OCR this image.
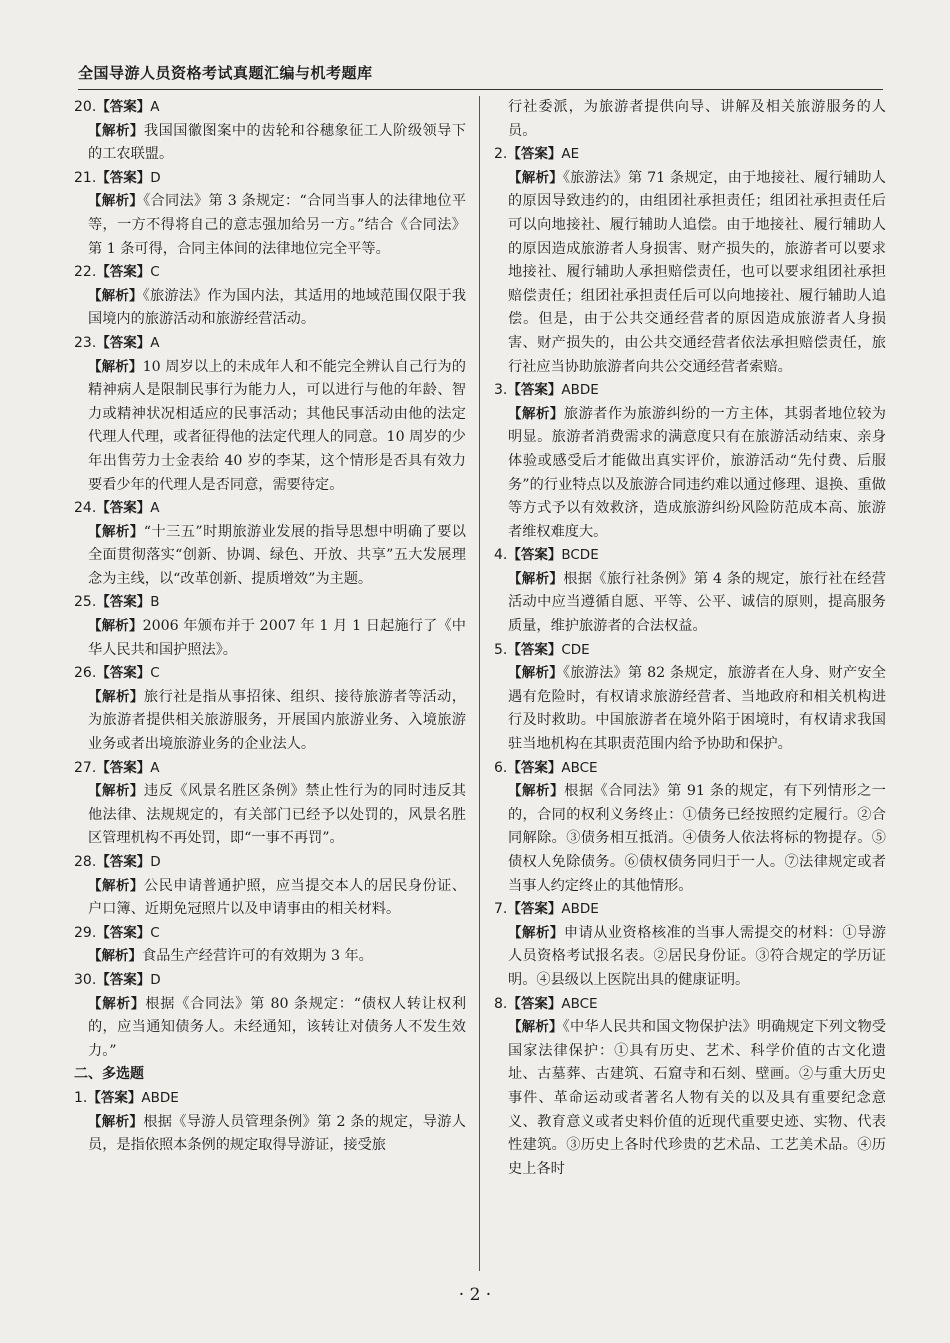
全国导游人员资格考试真题汇编与机考题库

20.【答案】A

【解析】我国国徽图案中的齿轮和谷穗象征工人阶级领导下的工农联盟。

21.【答案】D

【解析】《合同法》第 3 条规定：“合同当事人的法律地位平等，一方不得将自己的意志强加给另一方。”结合《合同法》第 1 条可得，合同主体间的法律地位完全平等。

22.【答案】C

【解析】《旅游法》作为国内法，其适用的地域范围仅限于我国境内的旅游活动和旅游经营活动。

23.【答案】A

【解析】10 周岁以上的未成年人和不能完全辨认自己行为的精神病人是限制民事行为能力人，可以进行与他的年龄、智力或精神状况相适应的民事活动；其他民事活动由他的法定代理人代理，或者征得他的法定代理人的同意。10 周岁的少年出售劳力士金表给 40 岁的李某，这个情形是否具有效力要看少年的代理人是否同意，需要待定。

24.【答案】A

【解析】“十三五”时期旅游业发展的指导思想中明确了要以全面贯彻落实“创新、协调、绿色、开放、共享”五大发展理念为主线，以“改革创新、提质增效”为主题。

25.【答案】B

【解析】2006 年颁布并于 2007 年 1 月 1 日起施行了《中华人民共和国护照法》。

26.【答案】C

【解析】旅行社是指从事招徕、组织、接待旅游者等活动，为旅游者提供相关旅游服务，开展国内旅游业务、入境旅游业务或者出境旅游业务的企业法人。

27.【答案】A

【解析】违反《风景名胜区条例》禁止性行为的同时违反其他法律、法规规定的，有关部门已经予以处罚的，风景名胜区管理机构不再处罚，即“一事不再罚”。

28.【答案】D

【解析】公民申请普通护照，应当提交本人的居民身份证、户口簿、近期免冠照片以及申请事由的相关材料。

29.【答案】C

【解析】食品生产经营许可的有效期为 3 年。

30.【答案】D

【解析】根据《合同法》第 80 条规定：“债权人转让权利的，应当通知债务人。未经通知，该转让对债务人不发生效力。”

二、多选题

1.【答案】ABDE

【解析】根据《导游人员管理条例》第 2 条的规定，导游人员，是指依照本条例的规定取得导游证，接受旅

行社委派，为旅游者提供向导、讲解及相关旅游服务的人员。

2.【答案】AE

【解析】《旅游法》第 71 条规定，由于地接社、履行辅助人的原因导致违约的，由组团社承担责任；组团社承担责任后可以向地接社、履行辅助人追偿。由于地接社、履行辅助人的原因造成旅游者人身损害、财产损失的，旅游者可以要求地接社、履行辅助人承担赔偿责任，也可以要求组团社承担赔偿责任；组团社承担责任后可以向地接社、履行辅助人追偿。但是，由于公共交通经营者的原因造成旅游者人身损害、财产损失的，由公共交通经营者依法承担赔偿责任，旅行社应当协助旅游者向共公交通经营者索赔。

3.【答案】ABDE

【解析】旅游者作为旅游纠纷的一方主体，其弱者地位较为明显。旅游者消费需求的满意度只有在旅游活动结束、亲身体验或感受后才能做出真实评价，旅游活动“先付费、后服务”的行业特点以及旅游合同违约难以通过修理、退换、重做等方式予以有效救济，造成旅游纠纷风险防范成本高、旅游者维权难度大。

4.【答案】BCDE

【解析】根据《旅行社条例》第 4 条的规定，旅行社在经营活动中应当遵循自愿、平等、公平、诚信的原则，提高服务质量，维护旅游者的合法权益。

5.【答案】CDE

【解析】《旅游法》第 82 条规定，旅游者在人身、财产安全遇有危险时，有权请求旅游经营者、当地政府和相关机构进行及时救助。中国旅游者在境外陷于困境时，有权请求我国驻当地机构在其职责范围内给予协助和保护。

6.【答案】ABCE

【解析】根据《合同法》第 91 条的规定，有下列情形之一的，合同的权利义务终止：①债务已经按照约定履行。②合同解除。③债务相互抵消。④债务人依法将标的物提存。⑤债权人免除债务。⑥债权债务同归于一人。⑦法律规定或者当事人约定终止的其他情形。

7.【答案】ABDE

【解析】申请从业资格核准的当事人需提交的材料：①导游人员资格考试报名表。②居民身份证。③符合规定的学历证明。④县级以上医院出具的健康证明。

8.【答案】ABCE

【解析】《中华人民共和国文物保护法》明确规定下列文物受国家法律保护：①具有历史、艺术、科学价值的古文化遗址、古墓葬、古建筑、石窟寺和石刻、壁画。②与重大历史事件、革命运动或者著名人物有关的以及具有重要纪念意义、教育意义或者史料价值的近现代重要史迹、实物、代表性建筑。③历史上各时代珍贵的艺术品、工艺美术品。④历史上各时

· 2 ·
